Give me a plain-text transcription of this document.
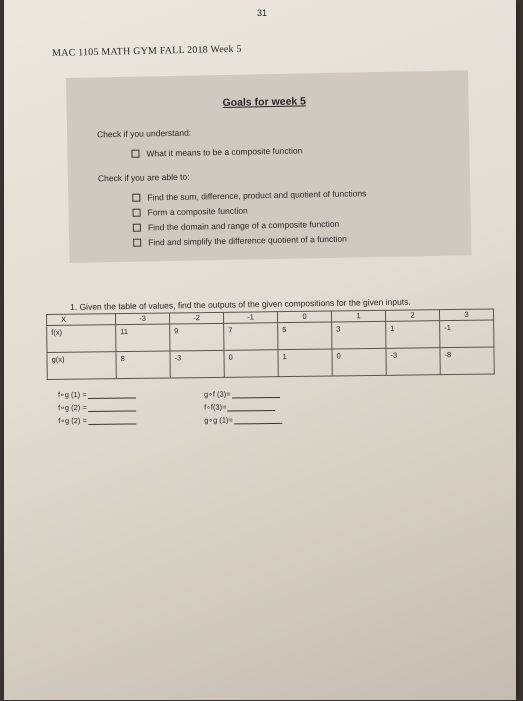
31
MAC 1105 MATH GYM FALL 2018 Week 5
Goals for week 5
Check if you understand:
What it means to be a composite function
Check if you are able to:
Find the sum, difference, product and quotient of functions
Form a composite function
Find the domain and range of a composite function
Find and simplify the difference quotient of a function
1. Given the table of values, find the outputs of the given compositions for the given inputs.
X	-3	-2	-1	0	1	2	3
f(x)	11	9	7	5	3	1	-1
g(x)	8	-3	0	1	0	-3	-8
f∘g (1) =
f∘g (2) =
f∘g (2) =
g∘f (3)=
f∘f(3)=
g∘g (1)=
